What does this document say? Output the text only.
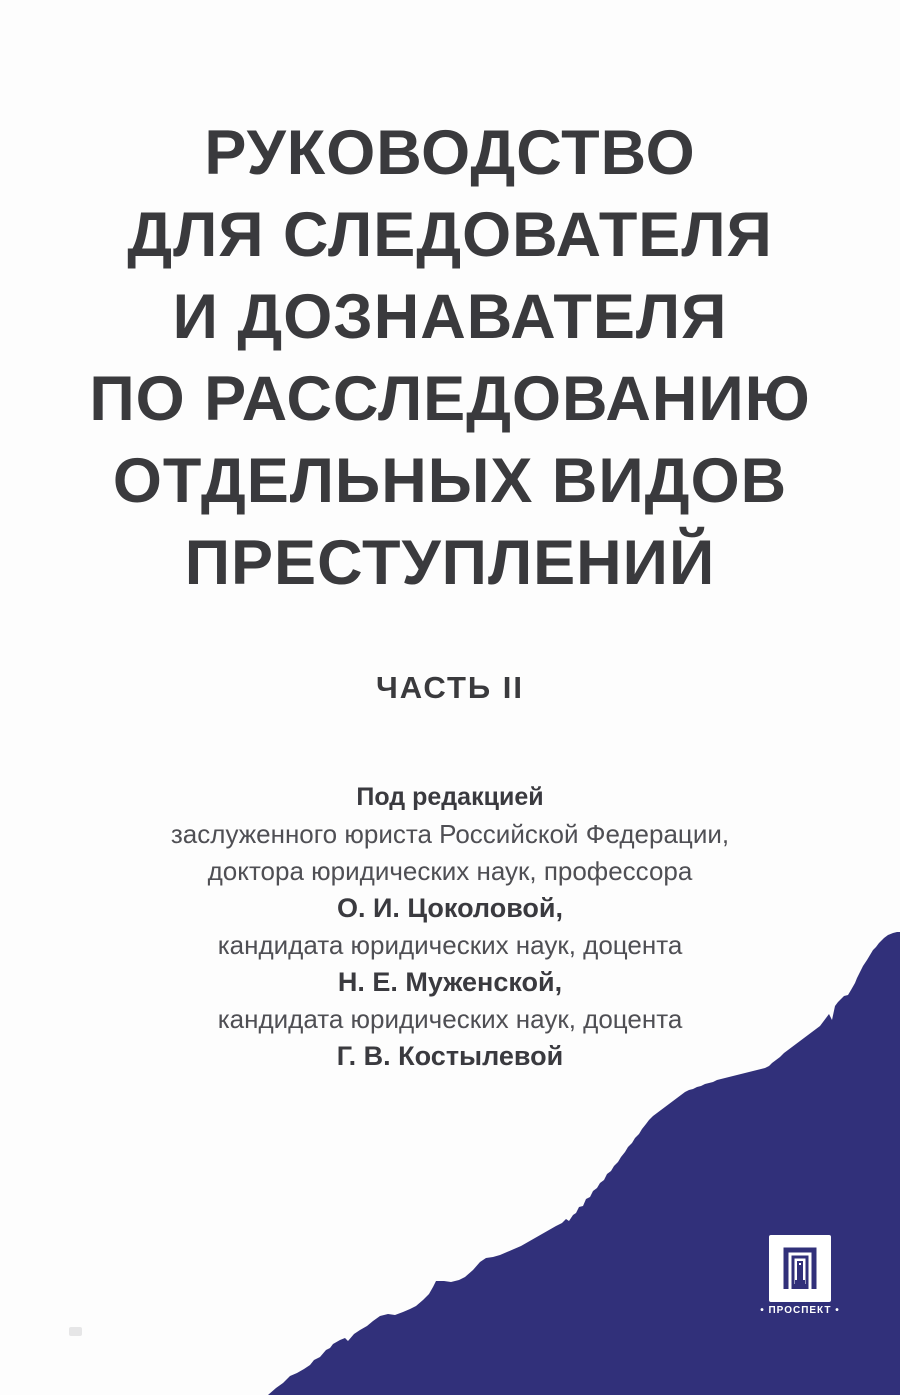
РУКОВОДСТВО
ДЛЯ СЛЕДОВАТЕЛЯ
И ДОЗНАВАТЕЛЯ
ПО РАССЛЕДОВАНИЮ
ОТДЕЛЬНЫХ ВИДОВ
ПРЕСТУПЛЕНИЙ
ЧАСТЬ II
Под редакцией
заслуженного юриста Российской Федерации,
доктора юридических наук, профессора
О. И. Цоколовой,
кандидата юридических наук, доцента
Н. Е. Муженской,
кандидата юридических наук, доцента
Г. В. Костылевой
• ПРОСПЕКТ •
